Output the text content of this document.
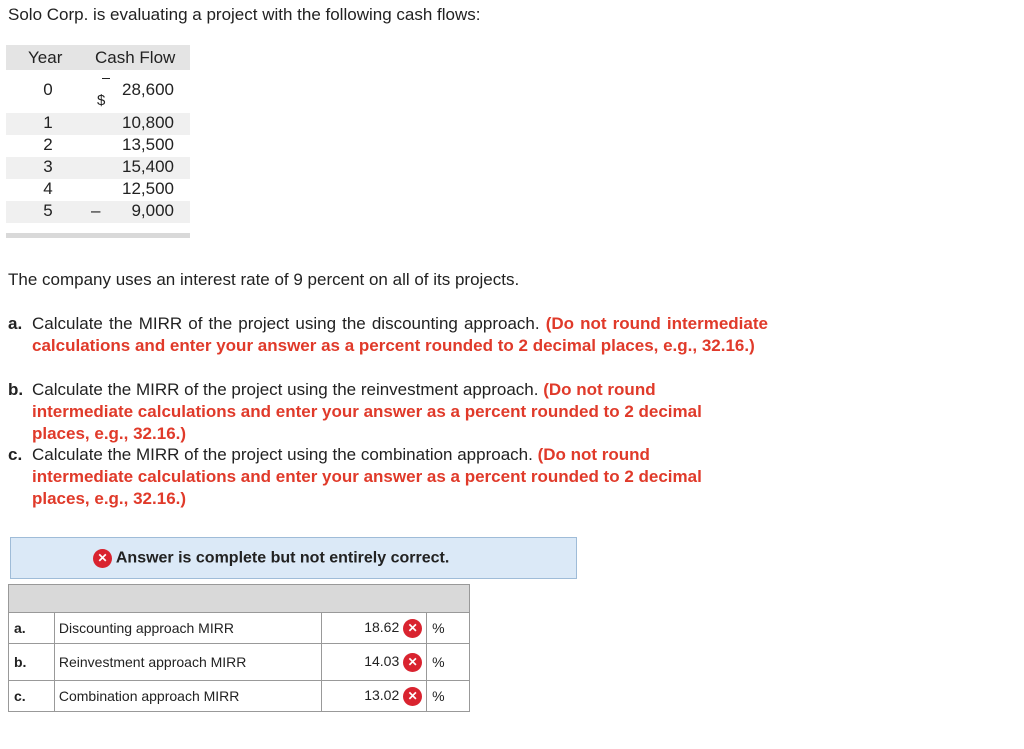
Solo Corp. is evaluating a project with the following cash flows:
Year Cash Flow
0	28,600
$
1	10,800
2	13,500
3	15,400
4	12,500
5	9,000
–
The company uses an interest rate of 9 percent on all of its projects.
a. Calculate the MIRR of the project using the discounting approach. (Do not round intermediate calculations and enter your answer as a percent rounded to 2 decimal places, e.g., 32.16.)
b. Calculate the MIRR of the project using the reinvestment approach. (Do not round intermediate calculations and enter your answer as a percent rounded to 2 decimal places, e.g., 32.16.)
c. Calculate the MIRR of the project using the combination approach. (Do not round intermediate calculations and enter your answer as a percent rounded to 2 decimal places, e.g., 32.16.)
✕ Answer is complete but not entirely correct.

a.	Discounting approach MIRR	18.62 ✕	%
b.	Reinvestment approach MIRR	14.03 ✕	%
c.	Combination approach MIRR	13.02 ✕	%
